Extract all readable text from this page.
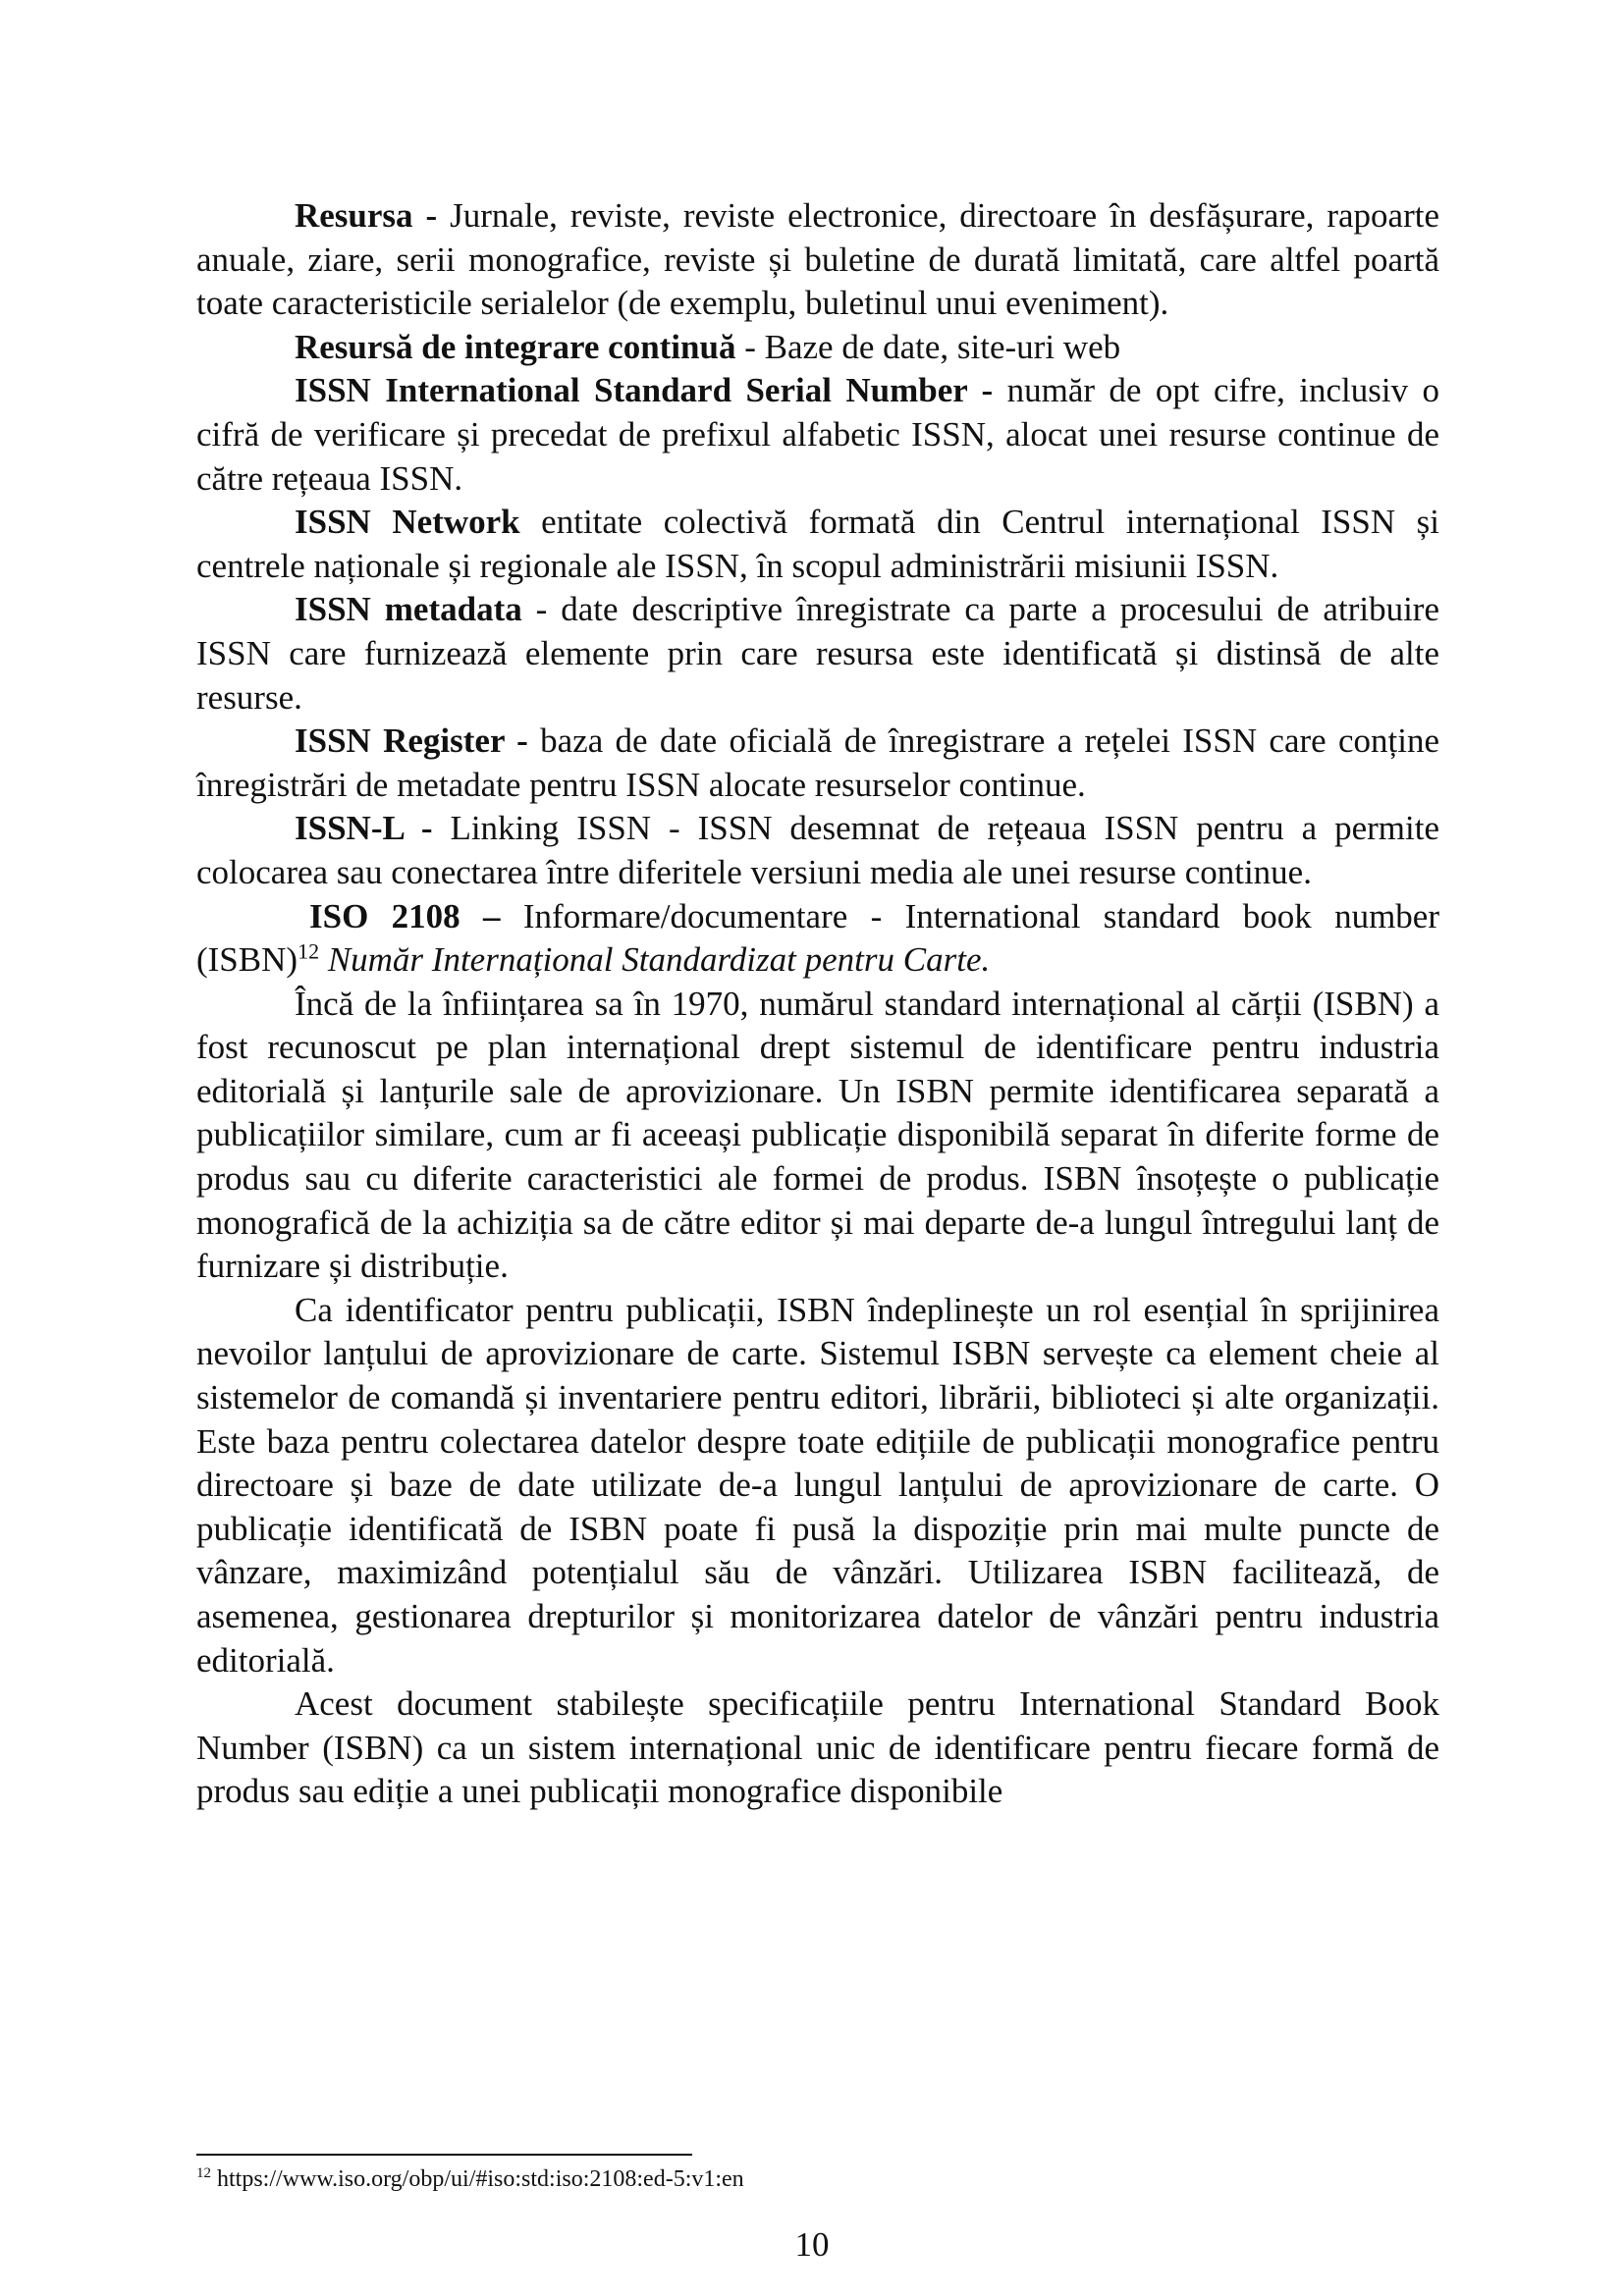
Resursa - Jurnale, reviste, reviste electronice, directoare în desfășurare, rapoarte anuale, ziare, serii monografice, reviste și buletine de durată limitată, care altfel poartă toate caracteristicile serialelor (de exemplu, buletinul unui eveniment).

Resursă de integrare continuă - Baze de date, site-uri web

ISSN International Standard Serial Number - număr de opt cifre, inclusiv o cifră de verificare și precedat de prefixul alfabetic ISSN, alocat unei resurse continue de către rețeaua ISSN.

ISSN Network entitate colectivă formată din Centrul internațional ISSN și centrele naționale și regionale ale ISSN, în scopul administrării misiunii ISSN.

ISSN metadata - date descriptive înregistrate ca parte a procesului de atribuire ISSN care furnizează elemente prin care resursa este identificată și distinsă de alte resurse.

ISSN Register - baza de date oficială de înregistrare a rețelei ISSN care conține înregistrări de metadate pentru ISSN alocate resurselor continue.

ISSN-L - Linking ISSN - ISSN desemnat de rețeaua ISSN pentru a permite colocarea sau conectarea între diferitele versiuni media ale unei resurse continue.

ISO 2108 – Informare/documentare - International standard book number (ISBN)$^{12}$ Număr Internațional Standardizat pentru Carte.

Încă de la înființarea sa în 1970, numărul standard internațional al cărții (ISBN) a fost recunoscut pe plan internațional drept sistemul de identificare pentru industria editorială și lanțurile sale de aprovizionare. Un ISBN permite identificarea separată a publicațiilor similare, cum ar fi aceeași publicație disponibilă separat în diferite forme de produs sau cu diferite caracteristici ale formei de produs. ISBN însoțește o publicație monografică de la achiziția sa de către editor și mai departe de-a lungul întregului lanț de furnizare și distribuție.

Ca identificator pentru publicații, ISBN îndeplinește un rol esențial în sprijinirea nevoilor lanțului de aprovizionare de carte. Sistemul ISBN servește ca element cheie al sistemelor de comandă și inventariere pentru editori, librării, biblioteci și alte organizații. Este baza pentru colectarea datelor despre toate edițiile de publicații monografice pentru directoare și baze de date utilizate de-a lungul lanțului de aprovizionare de carte. O publicație identificată de ISBN poate fi pusă la dispoziție prin mai multe puncte de vânzare, maximizând potențialul său de vânzări. Utilizarea ISBN facilitează, de asemenea, gestionarea drepturilor și monitorizarea datelor de vânzări pentru industria editorială.

Acest document stabilește specificațiile pentru International Standard Book Number (ISBN) ca un sistem internațional unic de identificare pentru fiecare formă de produs sau ediție a unei publicații monografice disponibile

$^{12}$ https://www.iso.org/obp/ui/#iso:std:iso:2108:ed-5:v1:en
10
